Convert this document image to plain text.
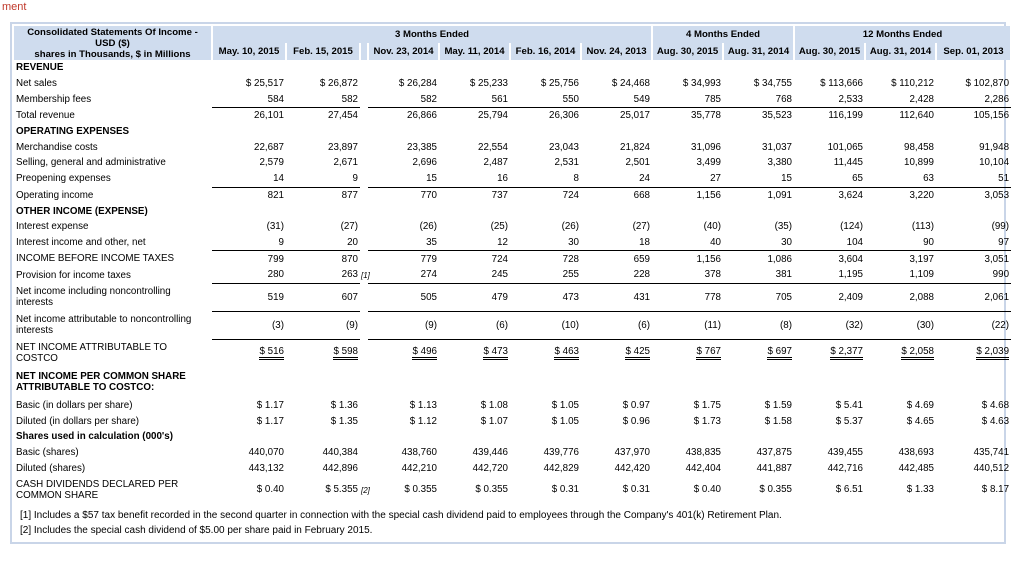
ment
Consolidated Statements Of Income -
USD ($)
shares in Thousands, $ in Millions	3 Months Ended							4 Months Ended		12 Months Ended		
	May. 10, 2015	Feb. 15, 2015		Nov. 23, 2014	May. 11, 2014	Feb. 16, 2014	Nov. 24, 2013	Aug. 30, 2015	Aug. 31, 2014	Aug. 30, 2015	Aug. 31, 2014	Sep. 01, 2013
REVENUE												
Net sales	$ 25,517	$ 26,872		$ 26,284	$ 25,233	$ 25,756	$ 24,468	$ 34,993	$ 34,755	$ 113,666	$ 110,212	$ 102,870
Membership fees	584	582		582	561	550	549	785	768	2,533	2,428	2,286
Total revenue	26,101	27,454		26,866	25,794	26,306	25,017	35,778	35,523	116,199	112,640	105,156
OPERATING EXPENSES												
Merchandise costs	22,687	23,897		23,385	22,554	23,043	21,824	31,096	31,037	101,065	98,458	91,948
Selling, general and administrative	2,579	2,671		2,696	2,487	2,531	2,501	3,499	3,380	11,445	10,899	10,104
Preopening expenses	14	9		15	16	8	24	27	15	65	63	51
Operating income	821	877		770	737	724	668	1,156	1,091	3,624	3,220	3,053
OTHER INCOME (EXPENSE)												
Interest expense	(31)	(27)		(26)	(25)	(26)	(27)	(40)	(35)	(124)	(113)	(99)
Interest income and other, net	9	20		35	12	30	18	40	30	104	90	97
INCOME BEFORE INCOME TAXES	799	870		779	724	728	659	1,156	1,086	3,604	3,197	3,051
Provision for income taxes	280	263	[1]	274	245	255	228	378	381	1,195	1,109	990
Net income including noncontrolling interests	519	607		505	479	473	431	778	705	2,409	2,088	2,061
Net income attributable to noncontrolling interests	(3)	(9)		(9)	(6)	(10)	(6)	(11)	(8)	(32)	(30)	(22)
NET INCOME ATTRIBUTABLE TO COSTCO	$ 516	$ 598		$ 496	$ 473	$ 463	$ 425	$ 767	$ 697	$ 2,377	$ 2,058	$ 2,039
NET INCOME PER COMMON SHARE ATTRIBUTABLE TO COSTCO:												
Basic (in dollars per share)	$ 1.17	$ 1.36		$ 1.13	$ 1.08	$ 1.05	$ 0.97	$ 1.75	$ 1.59	$ 5.41	$ 4.69	$ 4.68
Diluted (in dollars per share)	$ 1.17	$ 1.35		$ 1.12	$ 1.07	$ 1.05	$ 0.96	$ 1.73	$ 1.58	$ 5.37	$ 4.65	$ 4.63
Shares used in calculation (000's)												
Basic (shares)	440,070	440,384		438,760	439,446	439,776	437,970	438,835	437,875	439,455	438,693	435,741
Diluted (shares)	443,132	442,896		442,210	442,720	442,829	442,420	442,404	441,887	442,716	442,485	440,512
CASH DIVIDENDS DECLARED PER COMMON SHARE	$ 0.40	$ 5.355	[2]	$ 0.355	$ 0.355	$ 0.31	$ 0.31	$ 0.40	$ 0.355	$ 6.51	$ 1.33	$ 8.17
[1] Includes a $57 tax benefit recorded in the second quarter in connection with the special cash dividend paid to employees through the Company's 401(k) Retirement Plan.
[2] Includes the special cash dividend of $5.00 per share paid in February 2015.
